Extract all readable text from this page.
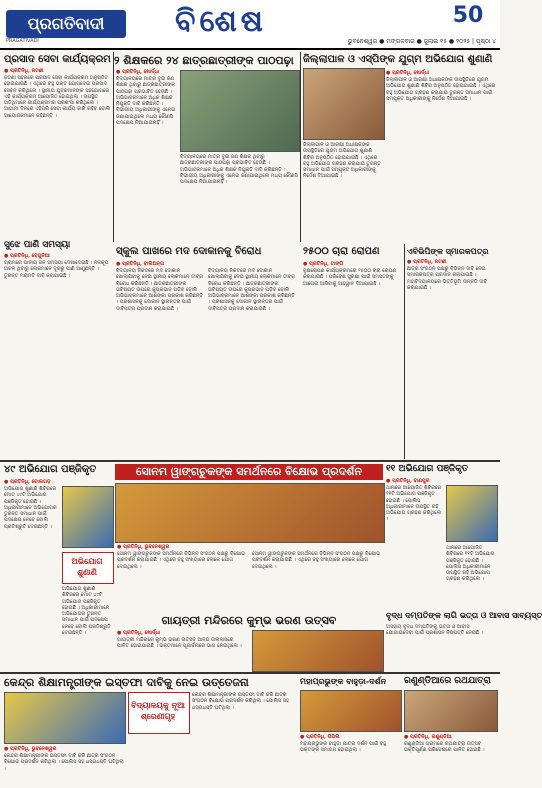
ପ୍ରଗତିବାଦୀ
PRAGATIVADI
ବିଶେଷ	50
ଭୁବନେଶ୍ୱର ● ମଙ୍ଗଳବାର ● ଜୁଲାଇ ୧୫ ● ୨୦୨୫ | ପୃଷ୍ଠା ୪
ପ୍ରସାଦ ସେବା କାର୍ଯ୍ୟକ୍ରମ
● ପ୍ରତିନିଧି, ଜଟଣୀ
ଜଟଣୀ ସହରରେ ପ୍ରସାଦ ସେବା କାର୍ଯ୍ୟକ୍ରମ ଅନୁଷ୍ଠିତ ହୋଇଯାଇଛି । ଏଥିରେ ବହୁ ଭକ୍ତ ଯୋଗଦେଇ ପ୍ରସାଦ ସେବନ କରିଥିଲେ । ସ୍ଥାନୀୟ ଯୁବକମାନଙ୍କ ସହଯୋଗରେ ଏହି କାର୍ଯ୍ୟକ୍ରମ ଆୟୋଜିତ ହୋଇଥିଲା । ଉପସ୍ଥିତ ଅତିଥିମାନେ କାର୍ଯ୍ୟକ୍ରମର ପ୍ରଶଂସା କରିଥିଲେ । ଆଗାମୀ ଦିନରେ ଏହିପରି ସେବା କାର୍ଯ୍ୟ ଜାରି ରହିବ ବୋଲି ଆୟୋଜକମାନେ କହିଛନ୍ତି ।
୨ ଶିକ୍ଷକରେ ୨୪ ଛାତ୍ରଛାତ୍ରୀଙ୍କ ପାଠପଢ଼ା
● ପ୍ରତିନିଧି, ଖୋର୍ଦ୍ଧା
ବିଦ୍ୟାଳୟରେ ମାତ୍ର ଦୁଇ ଜଣ ଶିକ୍ଷକ ଥିବାରୁ ଛାତ୍ରଛାତ୍ରୀଙ୍କ ପାଠପଢ଼ା ପ୍ରଭାବିତ ହେଉଛି । ଅଭିଭାବକମାନେ ଅଧିକ ଶିକ୍ଷକ ନିଯୁକ୍ତି ଦାବି କରିଛନ୍ତି । ବିଭାଗୀୟ ଅଧିକାରୀଙ୍କୁ ଏନେଇ ଜଣାଯାଇଥିଲେ ମଧ୍ୟ କୌଣସି ପଦକ୍ଷେପ ନିଆଯାଇନାହିଁ ।
ବିଦ୍ୟାଳୟରେ ମାତ୍ର ଦୁଇ ଜଣ ଶିକ୍ଷକ ଥିବାରୁ ଛାତ୍ରଛାତ୍ରୀଙ୍କ ପାଠପଢ଼ା ପ୍ରଭାବିତ ହେଉଛି । ଅଭିଭାବକମାନେ ଅଧିକ ଶିକ୍ଷକ ନିଯୁକ୍ତି ଦାବି କରିଛନ୍ତି । ବିଭାଗୀୟ ଅଧିକାରୀଙ୍କୁ ଏନେଇ ଜଣାଯାଇଥିଲେ ମଧ୍ୟ କୌଣସି ପଦକ୍ଷେପ ନିଆଯାଇନାହିଁ ।
ଜିଲ୍ଲାପାଳ ଓ ଏସ୍‌ପିଙ୍କ ଯୁଗ୍ମ ଅଭିଯୋଗ ଶୁଣାଣି
● ପ୍ରତିନିଧି, ଖୋର୍ଦ୍ଧା
ଜିଲ୍ଲାପାଳ ଓ ଆରକ୍ଷୀ ଅଧୀକ୍ଷକଙ୍କ ଉପସ୍ଥିତିରେ ଯୁଗ୍ମ ଅଭିଯୋଗ ଶୁଣାଣି ଶିବିର ଅନୁଷ୍ଠିତ ହୋଇଯାଇଛି । ଏଥିରେ ବହୁ ଅଭିଯୋଗ ଗ୍ରହଣ କରାଯାଇ ତୁରନ୍ତ ସମାଧାନ ପାଇଁ ସମ୍ପୃକ୍ତ ଅଧିକାରୀଙ୍କୁ ନିର୍ଦ୍ଦେଶ ଦିଆଯାଇଛି ।
ଜିଲ୍ଲାପାଳ ଓ ଆରକ୍ଷୀ ଅଧୀକ୍ଷକଙ୍କ ଉପସ୍ଥିତିରେ ଯୁଗ୍ମ ଅଭିଯୋଗ ଶୁଣାଣି ଶିବିର ଅନୁଷ୍ଠିତ ହୋଇଯାଇଛି । ଏଥିରେ ବହୁ ଅଭିଯୋଗ ଗ୍ରହଣ କରାଯାଇ ତୁରନ୍ତ ସମାଧାନ ପାଇଁ ସମ୍ପୃକ୍ତ ଅଧିକାରୀଙ୍କୁ ନିର୍ଦ୍ଦେଶ ଦିଆଯାଇଛି ।
ସୁଝେ ପାଣି ସମସ୍ୟା
● ପ୍ରତିନିଧି, ବେଗୁନିଆ
ଗ୍ରାମରେ ପାନୀୟ ଜଳ ସମସ୍ୟା ଦେଖାଦେଇଛି । ନଳକୂପ ଅଚଳ ଥିବାରୁ ଲୋକମାନେ ଦୂରରୁ ପାଣି ଆଣୁଛନ୍ତି । ତୁରନ୍ତ ମରାମତି ଦାବି କରାଯାଇଛି ।
ସ୍କୁଲ ପାଖରେ ମଦ ଦୋକାନକୁ ବିରୋଧ
● ପ୍ରତିନିଧି, ବାଲିଅନ୍ତା
ବିଦ୍ୟାଳୟ ନିକଟରେ ମଦ ଦୋକାନ ଖୋଲାଯିବାକୁ ନେଇ ସ୍ଥାନୀୟ ଲୋକମାନେ ତୀବ୍ର ବିରୋଧ କରିଛନ୍ତି । ଛାତ୍ରଛାତ୍ରୀଙ୍କ ଭବିଷ୍ୟତ ଉପରେ କୁପ୍ରଭାବ ପଡ଼ିବ ବୋଲି ଅଭିଭାବକମାନେ ଆଶଙ୍କା ପ୍ରକାଶ କରିଛନ୍ତି । ପ୍ରଶାସନକୁ ଦୋକାନ ସ୍ଥାନାନ୍ତର ପାଇଁ ଦାବିପତ୍ର ପ୍ରଦାନ କରାଯାଇଛି ।
ବିଦ୍ୟାଳୟ ନିକଟରେ ମଦ ଦୋକାନ ଖୋଲାଯିବାକୁ ନେଇ ସ୍ଥାନୀୟ ଲୋକମାନେ ତୀବ୍ର ବିରୋଧ କରିଛନ୍ତି । ଛାତ୍ରଛାତ୍ରୀଙ୍କ ଭବିଷ୍ୟତ ଉପରେ କୁପ୍ରଭାବ ପଡ଼ିବ ବୋଲି ଅଭିଭାବକମାନେ ଆଶଙ୍କା ପ୍ରକାଶ କରିଛନ୍ତି । ପ୍ରଶାସନକୁ ଦୋକାନ ସ୍ଥାନାନ୍ତର ପାଇଁ ଦାବିପତ୍ର ପ୍ରଦାନ କରାଯାଇଛି ।
୨୫୦୦ ଚାରା ରୋପଣ
● ପ୍ରତିନିଧି, ଟାଙ୍ଗି
ବୃକ୍ଷରୋପଣ କାର୍ଯ୍ୟକ୍ରମରେ ୨୫୦୦ ଚାରା ରୋପଣ କରାଯାଇଛି । ପରିବେଶ ସୁରକ୍ଷା ପାଇଁ ସମସ୍ତଙ୍କୁ ଆଗେଇ ଆସିବାକୁ ଆହ୍ୱାନ ଦିଆଯାଇଛି ।
ଏବିଭିପିଙ୍କ ସ୍ମାରକପତ୍ର
● ପ୍ରତିନିଧି, ଜଟଣୀ
ଛାତ୍ର ସଂଗଠନ ପକ୍ଷରୁ ବିଭିନ୍ନ ଦାବି ନେଇ ସ୍ମାରକପତ୍ର ପ୍ରଦାନ କରାଯାଇଛି । ମହାବିଦ୍ୟାଳୟରେ ଭିତ୍ତିଭୂମି ଉନ୍ନତି ଦାବି କରାଯାଇଛି ।
୪୯ ଅଭିଯୋଗ ପଞ୍ଜିକୃତ
● ପ୍ରତିନିଧି, ବୋଲଗଡ଼
ଅଭିଯୋଗ ଶୁଣାଣି ଶିବିରରେ ମୋଟ ୪୯ଟି ଅଭିଯୋଗ ପଞ୍ଜିକୃତ ହୋଇଛି । ଅଧିକାରୀମାନେ ଅଭିଯୋଗର ତୁରନ୍ତ ସମାଧାନ ପାଇଁ ପଦକ୍ଷେପ ନେବେ ବୋଲି ପ୍ରତିଶ୍ରୁତି ଦେଇଛନ୍ତି ।
ଅଭିଯୋଗ ଶୁଣାଣି
ଅଭିଯୋଗ ଶୁଣାଣି ଶିବିରରେ ମୋଟ ୪୯ଟି ଅଭିଯୋଗ ପଞ୍ଜିକୃତ ହୋଇଛି । ଅଧିକାରୀମାନେ ଅଭିଯୋଗର ତୁରନ୍ତ ସମାଧାନ ପାଇଁ ପଦକ୍ଷେପ ନେବେ ବୋଲି ପ୍ରତିଶ୍ରୁତି ଦେଇଛନ୍ତି ।
ସୋନମ ୱାଙ୍ଗଚୁକଙ୍କ ସମର୍ଥନରେ ବିକ୍ଷୋଭ ପ୍ରଦର୍ଶନ
● ପ୍ରତିନିଧି, ଭୁବନେଶ୍ୱର
ସୋନମ ୱାଙ୍ଗଚୁକଙ୍କ ସମର୍ଥନରେ ବିଭିନ୍ନ ସଂଗଠନ ପକ୍ଷରୁ ବିକ୍ଷୋଭ ପ୍ରଦର୍ଶନ କରାଯାଇଛି । ଏଥିରେ ବହୁ ସଂଖ୍ୟାରେ ଲୋକେ ଯୋଗ ଦେଇଥିଲେ ।
ସୋନମ ୱାଙ୍ଗଚୁକଙ୍କ ସମର୍ଥନରେ ବିଭିନ୍ନ ସଂଗଠନ ପକ୍ଷରୁ ବିକ୍ଷୋଭ ପ୍ରଦର୍ଶନ କରାଯାଇଛି । ଏଥିରେ ବହୁ ସଂଖ୍ୟାରେ ଲୋକେ ଯୋଗ ଦେଇଥିଲେ ।
ଗାୟତ୍ରୀ ମନ୍ଦିରରେ କୁମ୍ଭ ଭରଣ ଉତ୍ସବ
● ପ୍ରତିନିଧି, ଖୋର୍ଦ୍ଧା
ଗାୟତ୍ରୀ ମନ୍ଦିରରେ କୁମ୍ଭ ଭରଣ ଉତ୍ସବ ଆନନ୍ଦ ଉଲ୍ଲାସରେ ପାଳିତ ହୋଇଯାଇଛି । ଭକ୍ତମାନେ ପୂଜାର୍ଚ୍ଚନାରେ ଭାଗ ନେଇଥିଲେ ।
୧୧ ଅଭିଯୋଗ ପଞ୍ଜିକୃତ
● ପ୍ରତିନିଧି, ବାଣପୁର
ଥାନାରେ ଆୟୋଜିତ ଶିବିରରେ ୧୧ଟି ଅଭିଯୋଗ ପଞ୍ଜିକୃତ ହୋଇଛି । ପୋଲିସ ଅଧିକାରୀମାନେ ଉପସ୍ଥିତ ରହି ଅଭିଯୋଗ ଗ୍ରହଣ କରିଥିଲେ ।
ଥାନାରେ ଆୟୋଜିତ ଶିବିରରେ ୧୧ଟି ଅଭିଯୋଗ ପଞ୍ଜିକୃତ ହୋଇଛି । ପୋଲିସ ଅଧିକାରୀମାନେ ଉପସ୍ଥିତ ରହି ଅଭିଯୋଗ ଗ୍ରହଣ କରିଥିଲେ ।
ବୃଦ୍ଧ ଦମ୍ପତିଙ୍କ ଲାଗି ଭତ୍ତା ଓ ଆବାସ ସାବ୍ୟସ୍ତ
ଅସହାୟ ବୃଦ୍ଧ ଦମ୍ପତିଙ୍କୁ ଭତ୍ତା ଓ ଆବାସ ଯୋଗାଇଦେବା ପାଇଁ ପ୍ରଶାସନ ନିଷ୍ପତ୍ତି ନେଇଛି ।
କେନ୍ଦ୍ର ଶିକ୍ଷାମନ୍ତ୍ରୀଙ୍କ ଇସ୍ତଫା ଦାବିକୁ ନେଇ ଉତ୍ତେଜନା
● ପ୍ରତିନିଧି, ଭୁବନେଶ୍ୱର
କେନ୍ଦ୍ର ଶିକ୍ଷାମନ୍ତ୍ରୀଙ୍କ ଇସ୍ତଫା ଦାବି କରି ଛାତ୍ର ସଂଗଠନ ବିକ୍ଷୋଭ ପ୍ରଦର୍ଶନ କରିଥିଲା । ପୋଲିସ ସହ ଧସ୍ତାଧସ୍ତି ଘଟିଥିଲା ।
ବିଦ୍ୟାଳୟକୁ ନୂଆ ଶ୍ରେଣୀଗୃହ
କେନ୍ଦ୍ର ଶିକ୍ଷାମନ୍ତ୍ରୀଙ୍କ ଇସ୍ତଫା ଦାବି କରି ଛାତ୍ର ସଂଗଠନ ବିକ୍ଷୋଭ ପ୍ରଦର୍ଶନ କରିଥିଲା । ପୋଲିସ ସହ ଧସ୍ତାଧସ୍ତି ଘଟିଥିଲା ।
ମହାପ୍ରଭୁଙ୍କ ବାହୁଡ଼ା-ଦର୍ଶନ
● ପ୍ରତିନିଧି, ପିପିଲି
ମହାପ୍ରଭୁଙ୍କ ବାହୁଡ଼ା ଯାତ୍ରା ଦର୍ଶନ ପାଇଁ ବହୁ ଭକ୍ତଙ୍କ ସମାଗମ ହୋଇଥିଲା ।
ରଣୁଣ୍ଡିଆରେ ରଥଯାତ୍ରା
● ପ୍ରତିନିଧି, ରଣୁଣ୍ଡିଆ
ରଣୁଣ୍ଡିଆ ଗ୍ରାମରେ ରଥଯାତ୍ରା ଉତ୍ସବ ଭକ୍ତିପୂର୍ଣ୍ଣ ପରିବେଶରେ ପାଳିତ ହୋଇଛି ।
